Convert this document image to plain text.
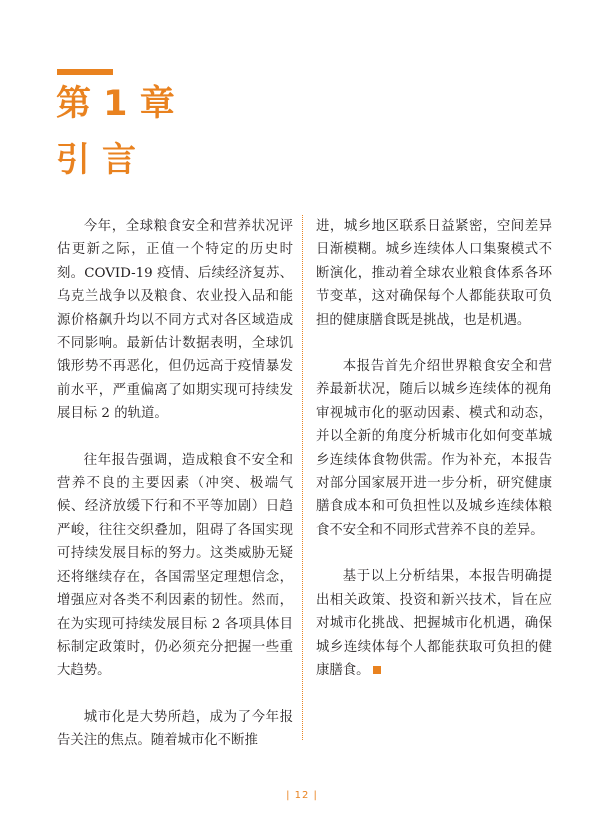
第 1 章
引言

今年，全球粮食安全和营养状况评估更新之际，正值一个特定的历史时刻。COVID-19 疫情、后续经济复苏、乌克兰战争以及粮食、农业投入品和能源价格飙升均以不同方式对各区域造成不同影响。最新估计数据表明，全球饥饿形势不再恶化，但仍远高于疫情暴发前水平，严重偏离了如期实现可持续发展目标 2 的轨道。

往年报告强调，造成粮食不安全和营养不良的主要因素（冲突、极端气候、经济放缓下行和不平等加剧）日趋严峻，往往交织叠加，阻碍了各国实现可持续发展目标的努力。这类威胁无疑还将继续存在，各国需坚定理想信念，增强应对各类不利因素的韧性。然而，在为实现可持续发展目标 2 各项具体目标制定政策时，仍必须充分把握一些重大趋势。

城市化是大势所趋，成为了今年报告关注的焦点。随着城市化不断推

进，城乡地区联系日益紧密，空间差异日渐模糊。城乡连续体人口集聚模式不断演化，推动着全球农业粮食体系各环节变革，这对确保每个人都能获取可负担的健康膳食既是挑战，也是机遇。

本报告首先介绍世界粮食安全和营养最新状况，随后以城乡连续体的视角审视城市化的驱动因素、模式和动态，并以全新的角度分析城市化如何变革城乡连续体食物供需。作为补充，本报告对部分国家展开进一步分析，研究健康膳食成本和可负担性以及城乡连续体粮食不安全和不同形式营养不良的差异。

基于以上分析结果，本报告明确提出相关政策、投资和新兴技术，旨在应对城市化挑战、把握城市化机遇，确保城乡连续体每个人都能获取可负担的健康膳食。

| 12 |
